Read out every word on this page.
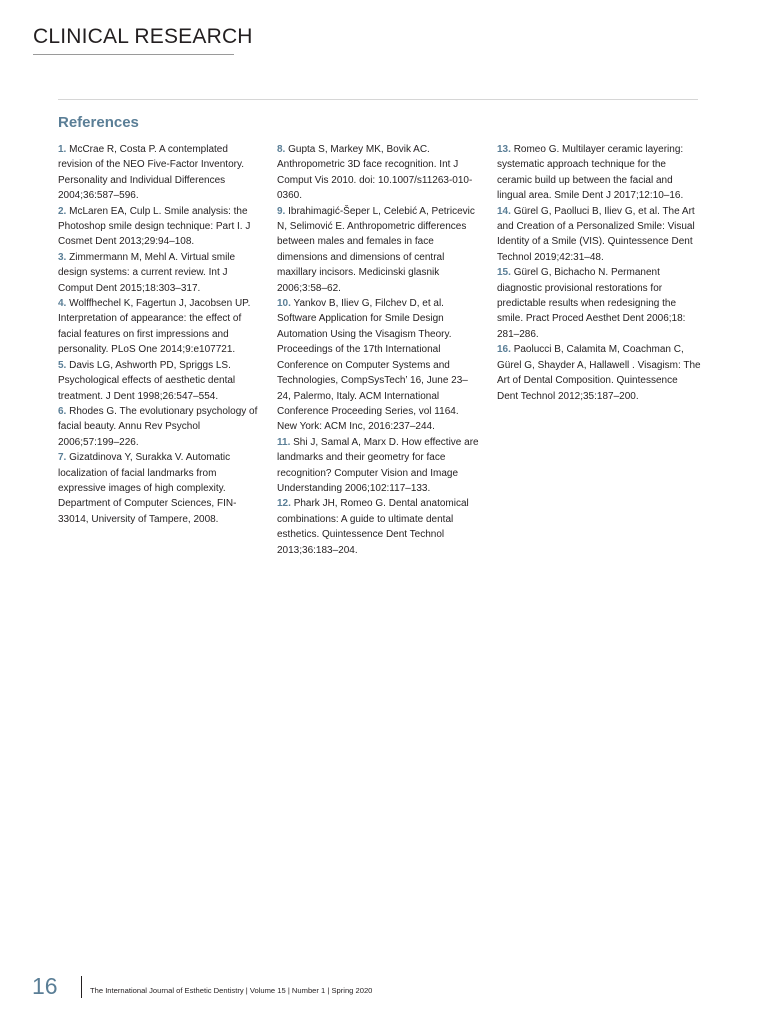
CLINICAL RESEARCH
References
1. McCrae R, Costa P. A contemplated revision of the NEO Five-Factor Inventory. Personality and Individual Differences 2004;36:587–596.
2. McLaren EA, Culp L. Smile analysis: the Photoshop smile design technique: Part I. J Cosmet Dent 2013;29:94–108.
3. Zimmermann M, Mehl A. Virtual smile design systems: a current review. Int J Comput Dent 2015;18:303–317.
4. Wolffhechel K, Fagertun J, Jacobsen UP. Interpretation of appearance: the effect of facial features on first impressions and personality. PLoS One 2014;9:e107721.
5. Davis LG, Ashworth PD, Spriggs LS. Psychological effects of aesthetic dental treatment. J Dent 1998;26:547–554.
6. Rhodes G. The evolutionary psychology of facial beauty. Annu Rev Psychol 2006;57:199–226.
7. Gizatdinova Y, Surakka V. Automatic localization of facial landmarks from expressive images of high complexity. Department of Computer Sciences, FIN-33014, University of Tampere, 2008.
8. Gupta S, Markey MK, Bovik AC. Anthropometric 3D face recognition. Int J Comput Vis 2010. doi: 10.1007/s11263-010-0360.
9. Ibrahimagić-Šeper L, Celebić A, Petricevic N, Selimović E. Anthropometric differences between males and females in face dimensions and dimensions of central maxillary incisors. Medicinski glasnik 2006;3:58–62.
10. Yankov B, Iliev G, Filchev D, et al. Software Application for Smile Design Automation Using the Visagism Theory. Proceedings of the 17th International Conference on Computer Systems and Technologies, CompSysTech’ 16, June 23–24, Palermo, Italy. ACM International Conference Proceeding Series, vol 1164. New York: ACM Inc, 2016:237–244.
11. Shi J, Samal A, Marx D. How effective are landmarks and their geometry for face recognition? Computer Vision and Image Understanding 2006;102:117–133.
12. Phark JH, Romeo G. Dental anatomical combinations: A guide to ultimate dental esthetics. Quintessence Dent Technol 2013;36:183–204.
13. Romeo G. Multilayer ceramic layering: systematic approach technique for the ceramic build up between the facial and lingual area. Smile Dent J 2017;12:10–16.
14. Gürel G, Paolluci B, Iliev G, et al. The Art and Creation of a Personalized Smile: Visual Identity of a Smile (VIS). Quintessence Dent Technol 2019;42:31–48.
15. Gürel G, Bichacho N. Permanent diagnostic provisional restorations for predictable results when redesigning the smile. Pract Proced Aesthet Dent 2006;18: 281–286.
16. Paolucci B, Calamita M, Coachman C, Gürel G, Shayder A, Hallawell . Visagism: The Art of Dental Composition. Quintessence Dent Technol 2012;35:187–200.
16	The International Journal of Esthetic Dentistry | Volume 15 | Number 1 | Spring 2020
